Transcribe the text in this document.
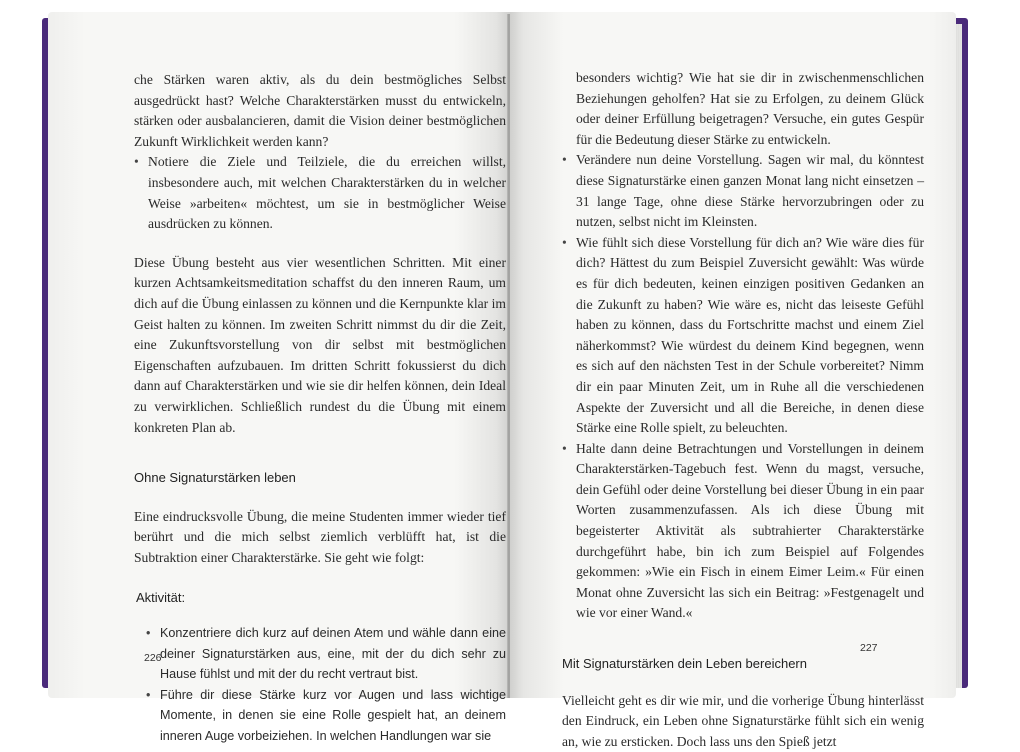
che Stärken waren aktiv, als du dein bestmögliches Selbst ausgedrückt hast? Welche Charakterstärken musst du entwickeln, stärken oder ausbalancieren, damit die Vision deiner bestmöglichen Zukunft Wirklichkeit werden kann?

• Notiere die Ziele und Teilziele, die du erreichen willst, insbesondere auch, mit welchen Charakterstärken du in welcher Weise »arbeiten« möchtest, um sie in bestmöglicher Weise ausdrücken zu können.

Diese Übung besteht aus vier wesentlichen Schritten. Mit einer kurzen Achtsamkeitsmeditation schaffst du den inneren Raum, um dich auf die Übung einlassen zu können und die Kernpunkte klar im Geist halten zu können. Im zweiten Schritt nimmst du dir die Zeit, eine Zukunftsvorstellung von dir selbst mit bestmöglichen Eigenschaften aufzubauen. Im dritten Schritt fokussierst du dich dann auf Charakterstärken und wie sie dir helfen können, dein Ideal zu verwirklichen. Schließlich rundest du die Übung mit einem konkreten Plan ab.

Ohne Signaturstärken leben

Eine eindrucksvolle Übung, die meine Studenten immer wieder tief berührt und die mich selbst ziemlich verblüfft hat, ist die Subtraktion einer Charakterstärke. Sie geht wie folgt:

Aktivität:

• Konzentriere dich kurz auf deinen Atem und wähle dann eine deiner Signaturstärken aus, eine, mit der du dich sehr zu Hause fühlst und mit der du recht vertraut bist.

• Führe dir diese Stärke kurz vor Augen und lass wichtige Momente, in denen sie eine Rolle gespielt hat, an deinem inneren Auge vorbeiziehen. In welchen Handlungen war sie

226

besonders wichtig? Wie hat sie dir in zwischenmenschlichen Beziehungen geholfen? Hat sie zu Erfolgen, zu deinem Glück oder deiner Erfüllung beigetragen? Versuche, ein gutes Gespür für die Bedeutung dieser Stärke zu entwickeln.

• Verändere nun deine Vorstellung. Sagen wir mal, du könntest diese Signaturstärke einen ganzen Monat lang nicht einsetzen – 31 lange Tage, ohne diese Stärke hervorzubringen oder zu nutzen, selbst nicht im Kleinsten.

• Wie fühlt sich diese Vorstellung für dich an? Wie wäre dies für dich? Hättest du zum Beispiel Zuversicht gewählt: Was würde es für dich bedeuten, keinen einzigen positiven Gedanken an die Zukunft zu haben? Wie wäre es, nicht das leiseste Gefühl haben zu können, dass du Fortschritte machst und einem Ziel näherkommst? Wie würdest du deinem Kind begegnen, wenn es sich auf den nächsten Test in der Schule vorbereitet? Nimm dir ein paar Minuten Zeit, um in Ruhe all die verschiedenen Aspekte der Zuversicht und all die Bereiche, in denen diese Stärke eine Rolle spielt, zu beleuchten.

• Halte dann deine Betrachtungen und Vorstellungen in deinem Charakterstärken-Tagebuch fest. Wenn du magst, versuche, dein Gefühl oder deine Vorstellung bei dieser Übung in ein paar Worten zusammenzufassen. Als ich diese Übung mit begeisterter Aktivität als subtrahierter Charakterstärke durchgeführt habe, bin ich zum Beispiel auf Folgendes gekommen: »Wie ein Fisch in einem Eimer Leim.« Für einen Monat ohne Zuversicht las sich ein Beitrag: »Festgenagelt und wie vor einer Wand.«

Mit Signaturstärken dein Leben bereichern

Vielleicht geht es dir wie mir, und die vorherige Übung hinterlässt den Eindruck, ein Leben ohne Signaturstärke fühlt sich ein wenig an, wie zu ersticken. Doch lass uns den Spieß jetzt

227
